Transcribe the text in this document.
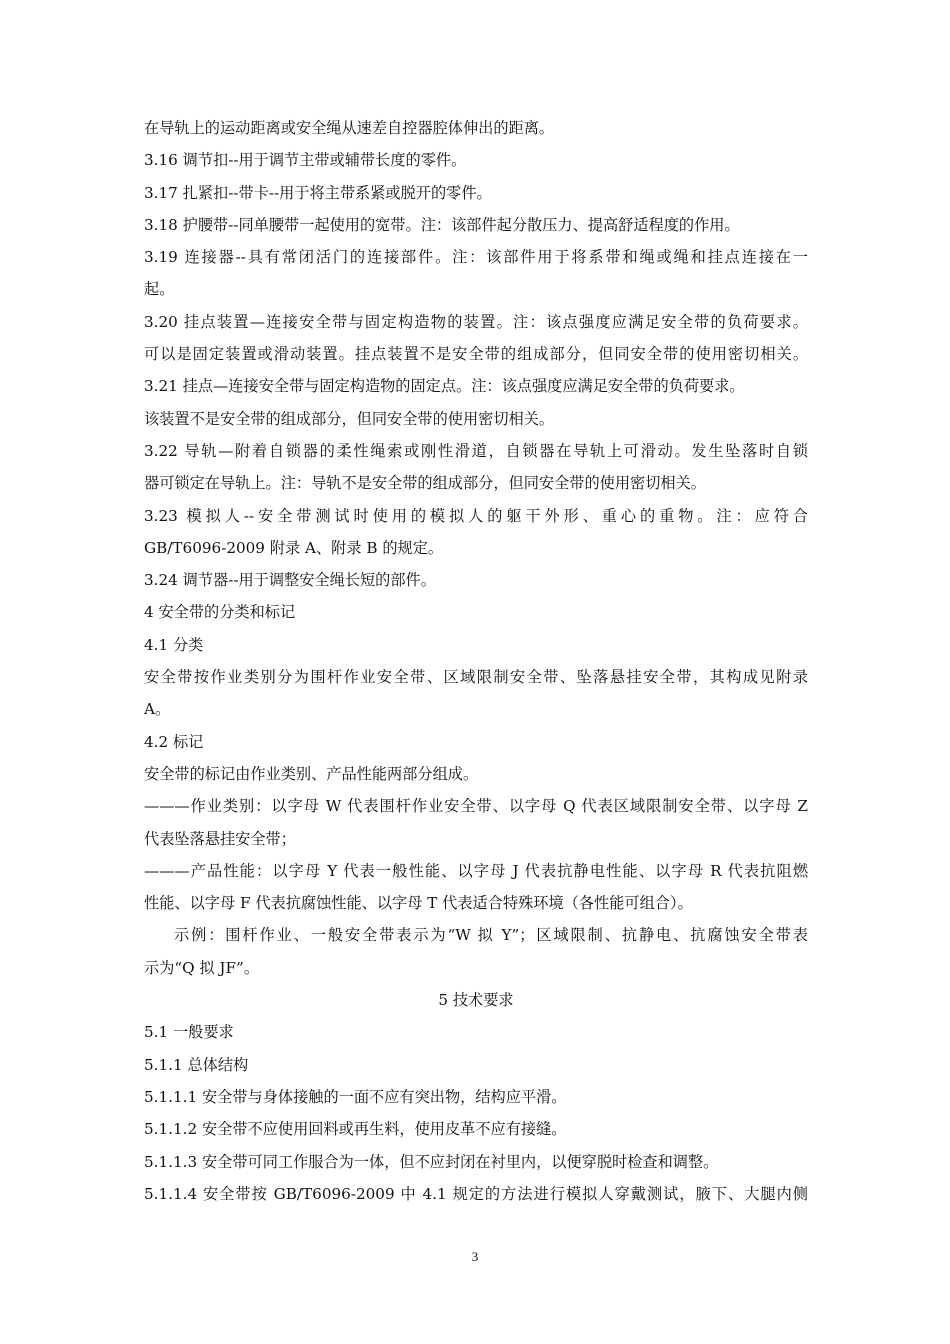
在导轨上的运动距离或安全绳从速差自控器腔体伸出的距离。
3.16 调节扣--用于调节主带或辅带长度的零件。
3.17 扎紧扣--带卡--用于将主带系紧或脱开的零件。
3.18 护腰带--同单腰带一起使用的宽带。注：该部件起分散压力、提高舒适程度的作用。
3.19 连接器--具有常闭活门的连接部件。注：该部件用于将系带和绳或绳和挂点连接在一
起。
3.20 挂点装置—连接安全带与固定构造物的装置。注：该点强度应满足安全带的负荷要求。
可以是固定装置或滑动装置。挂点装置不是安全带的组成部分，但同安全带的使用密切相关。
3.21 挂点—连接安全带与固定构造物的固定点。注：该点强度应满足安全带的负荷要求。
该装置不是安全带的组成部分，但同安全带的使用密切相关。
3.22 导轨—附着自锁器的柔性绳索或刚性滑道，自锁器在导轨上可滑动。发生坠落时自锁
器可锁定在导轨上。注：导轨不是安全带的组成部分，但同安全带的使用密切相关。
3.23 模拟人--安全带测试时使用的模拟人的躯干外形、重心的重物。注：应符合
GB/T6096-2009 附录 A、附录 B 的规定。
3.24 调节器--用于调整安全绳长短的部件。
4 安全带的分类和标记
4.1 分类
安全带按作业类别分为围杆作业安全带、区域限制安全带、坠落悬挂安全带，其构成见附录
A。
4.2 标记
安全带的标记由作业类别、产品性能两部分组成。
———作业类别：以字母 W 代表围杆作业安全带、以字母 Q 代表区域限制安全带、以字母 Z
代表坠落悬挂安全带；
———产品性能：以字母 Y 代表一般性能、以字母 J 代表抗静电性能、以字母 R 代表抗阻燃
性能、以字母 F 代表抗腐蚀性能、以字母 T 代表适合特殊环境（各性能可组合）。
示例：围杆作业、一般安全带表示为“W 拟 Y”；区域限制、抗静电、抗腐蚀安全带表
示为“Q 拟 JF”。
5 技术要求
5.1 一般要求
5.1.1 总体结构
5.1.1.1 安全带与身体接触的一面不应有突出物，结构应平滑。
5.1.1.2 安全带不应使用回料或再生料，使用皮革不应有接缝。
5.1.1.3 安全带可同工作服合为一体，但不应封闭在衬里内，以便穿脱时检查和调整。
5.1.1.4 安全带按 GB/T6096-2009 中 4.1 规定的方法进行模拟人穿戴测试，腋下、大腿内侧
3
